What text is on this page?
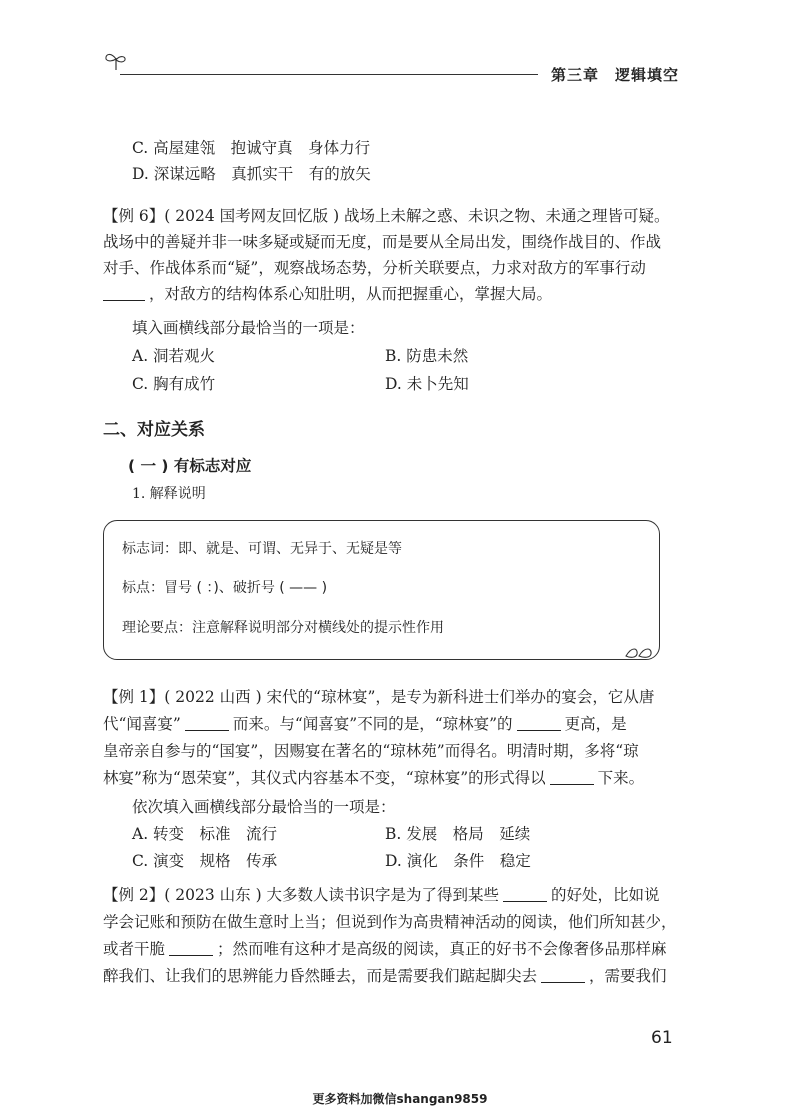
第三章　逻辑填空
C. 高屋建瓴　抱诚守真　身体力行
D. 深谋远略　真抓实干　有的放矢
【例 6】( 2024 国考网友回忆版 ) 战场上未解之惑、未识之物、未通之理皆可疑。
战场中的善疑并非一味多疑或疑而无度，而是要从全局出发，围绕作战目的、作战
对手、作战体系而“疑”，观察战场态势，分析关联要点，力求对敌方的军事行动
，对敌方的结构体系心知肚明，从而把握重心，掌握大局。
填入画横线部分最恰当的一项是：
A. 洞若观火	B. 防患未然
C. 胸有成竹	D. 未卜先知
二、对应关系
( 一 ) 有标志对应
1. 解释说明
标志词：即、就是、可谓、无异于、无疑是等
标点：冒号 ( ：)、破折号 ( —— )
理论要点：注意解释说明部分对横线处的提示性作用
【例 1】( 2022 山西 ) 宋代的“琼林宴”，是专为新科进士们举办的宴会，它从唐
代“闻喜宴”	而来。与“闻喜宴”不同的是，“琼林宴”的	更高，是
皇帝亲自参与的“国宴”，因赐宴在著名的“琼林苑”而得名。明清时期，多将“琼
林宴”称为“恩荣宴”，其仪式内容基本不变，“琼林宴”的形式得以	下来。
依次填入画横线部分最恰当的一项是：
A. 转变　标准　流行	B. 发展　格局　延续
C. 演变　规格　传承	D. 演化　条件　稳定
【例 2】( 2023 山东 ) 大多数人读书识字是为了得到某些	的好处，比如说
学会记账和预防在做生意时上当；但说到作为高贵精神活动的阅读，他们所知甚少，
或者干脆	；然而唯有这种才是高级的阅读，真正的好书不会像奢侈品那样麻
醉我们、让我们的思辨能力昏然睡去，而是需要我们踮起脚尖去	，需要我们
61
更多资料加微信shangan9859
